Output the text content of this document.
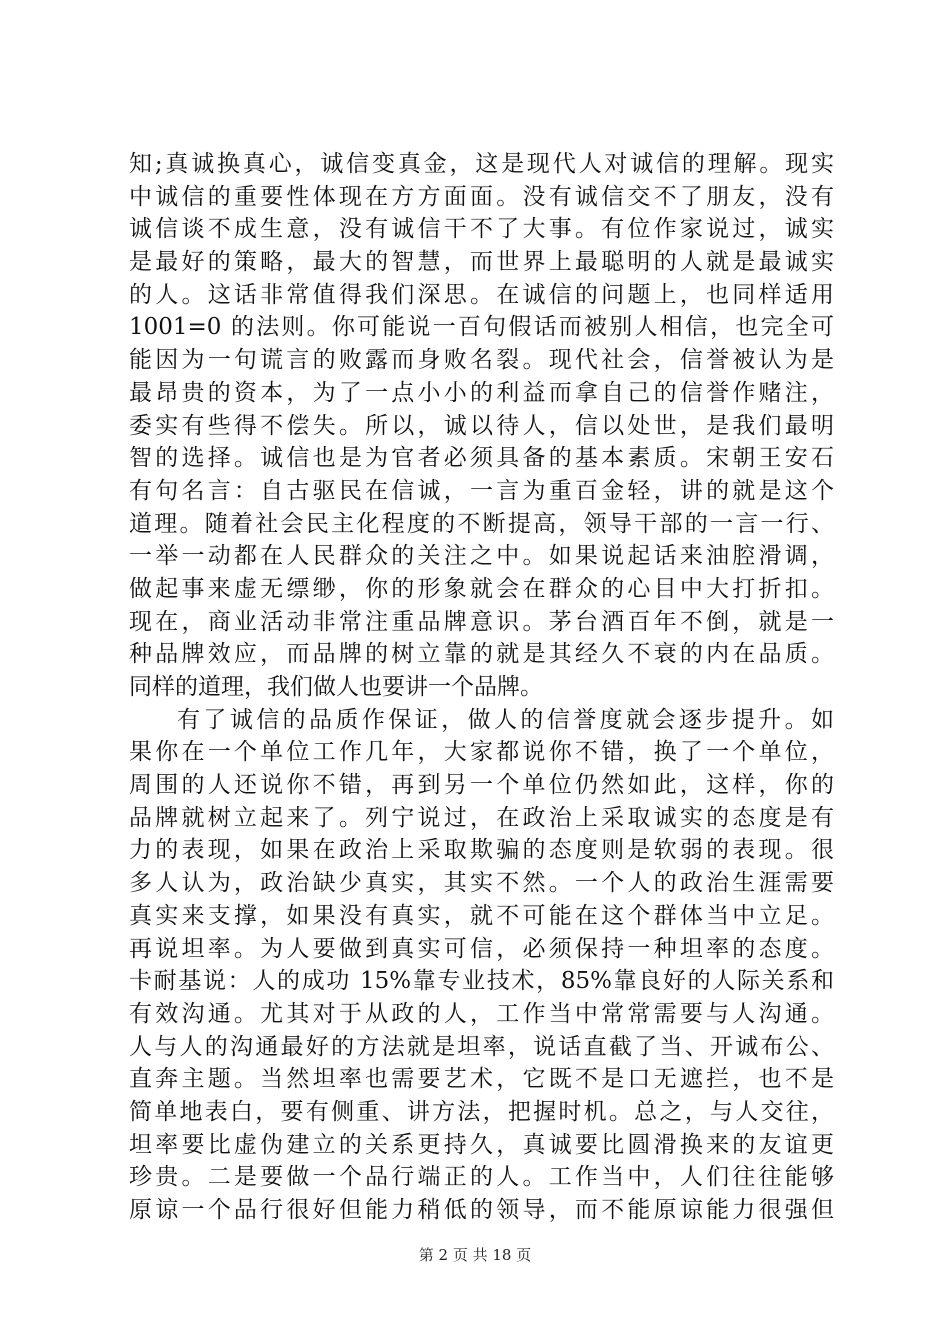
知;真诚换真心，诚信变真金，这是现代人对诚信的理解。现实
中诚信的重要性体现在方方面面。没有诚信交不了朋友，没有
诚信谈不成生意，没有诚信干不了大事。有位作家说过，诚实
是最好的策略，最大的智慧，而世界上最聪明的人就是最诚实
的人。这话非常值得我们深思。在诚信的问题上，也同样适用
1001=0 的法则。你可能说一百句假话而被别人相信，也完全可
能因为一句谎言的败露而身败名裂。现代社会，信誉被认为是
最昂贵的资本，为了一点小小的利益而拿自己的信誉作赌注，
委实有些得不偿失。所以，诚以待人，信以处世，是我们最明
智的选择。诚信也是为官者必须具备的基本素质。宋朝王安石
有句名言：自古驱民在信诚，一言为重百金轻，讲的就是这个
道理。随着社会民主化程度的不断提高，领导干部的一言一行、
一举一动都在人民群众的关注之中。如果说起话来油腔滑调，
做起事来虚无缥缈，你的形象就会在群众的心目中大打折扣。
现在，商业活动非常注重品牌意识。茅台酒百年不倒，就是一
种品牌效应，而品牌的树立靠的就是其经久不衰的内在品质。
同样的道理，我们做人也要讲一个品牌。
有了诚信的品质作保证，做人的信誉度就会逐步提升。如
果你在一个单位工作几年，大家都说你不错，换了一个单位，
周围的人还说你不错，再到另一个单位仍然如此，这样，你的
品牌就树立起来了。列宁说过，在政治上采取诚实的态度是有
力的表现，如果在政治上采取欺骗的态度则是软弱的表现。很
多人认为，政治缺少真实，其实不然。一个人的政治生涯需要
真实来支撑，如果没有真实，就不可能在这个群体当中立足。
再说坦率。为人要做到真实可信，必须保持一种坦率的态度。
卡耐基说：人的成功 15%靠专业技术，85%靠良好的人际关系和
有效沟通。尤其对于从政的人，工作当中常常需要与人沟通。
人与人的沟通最好的方法就是坦率，说话直截了当、开诚布公、
直奔主题。当然坦率也需要艺术，它既不是口无遮拦，也不是
简单地表白，要有侧重、讲方法，把握时机。总之，与人交往，
坦率要比虚伪建立的关系更持久，真诚要比圆滑换来的友谊更
珍贵。二是要做一个品行端正的人。工作当中，人们往往能够
原谅一个品行很好但能力稍低的领导，而不能原谅能力很强但
第 2 页 共 18 页
